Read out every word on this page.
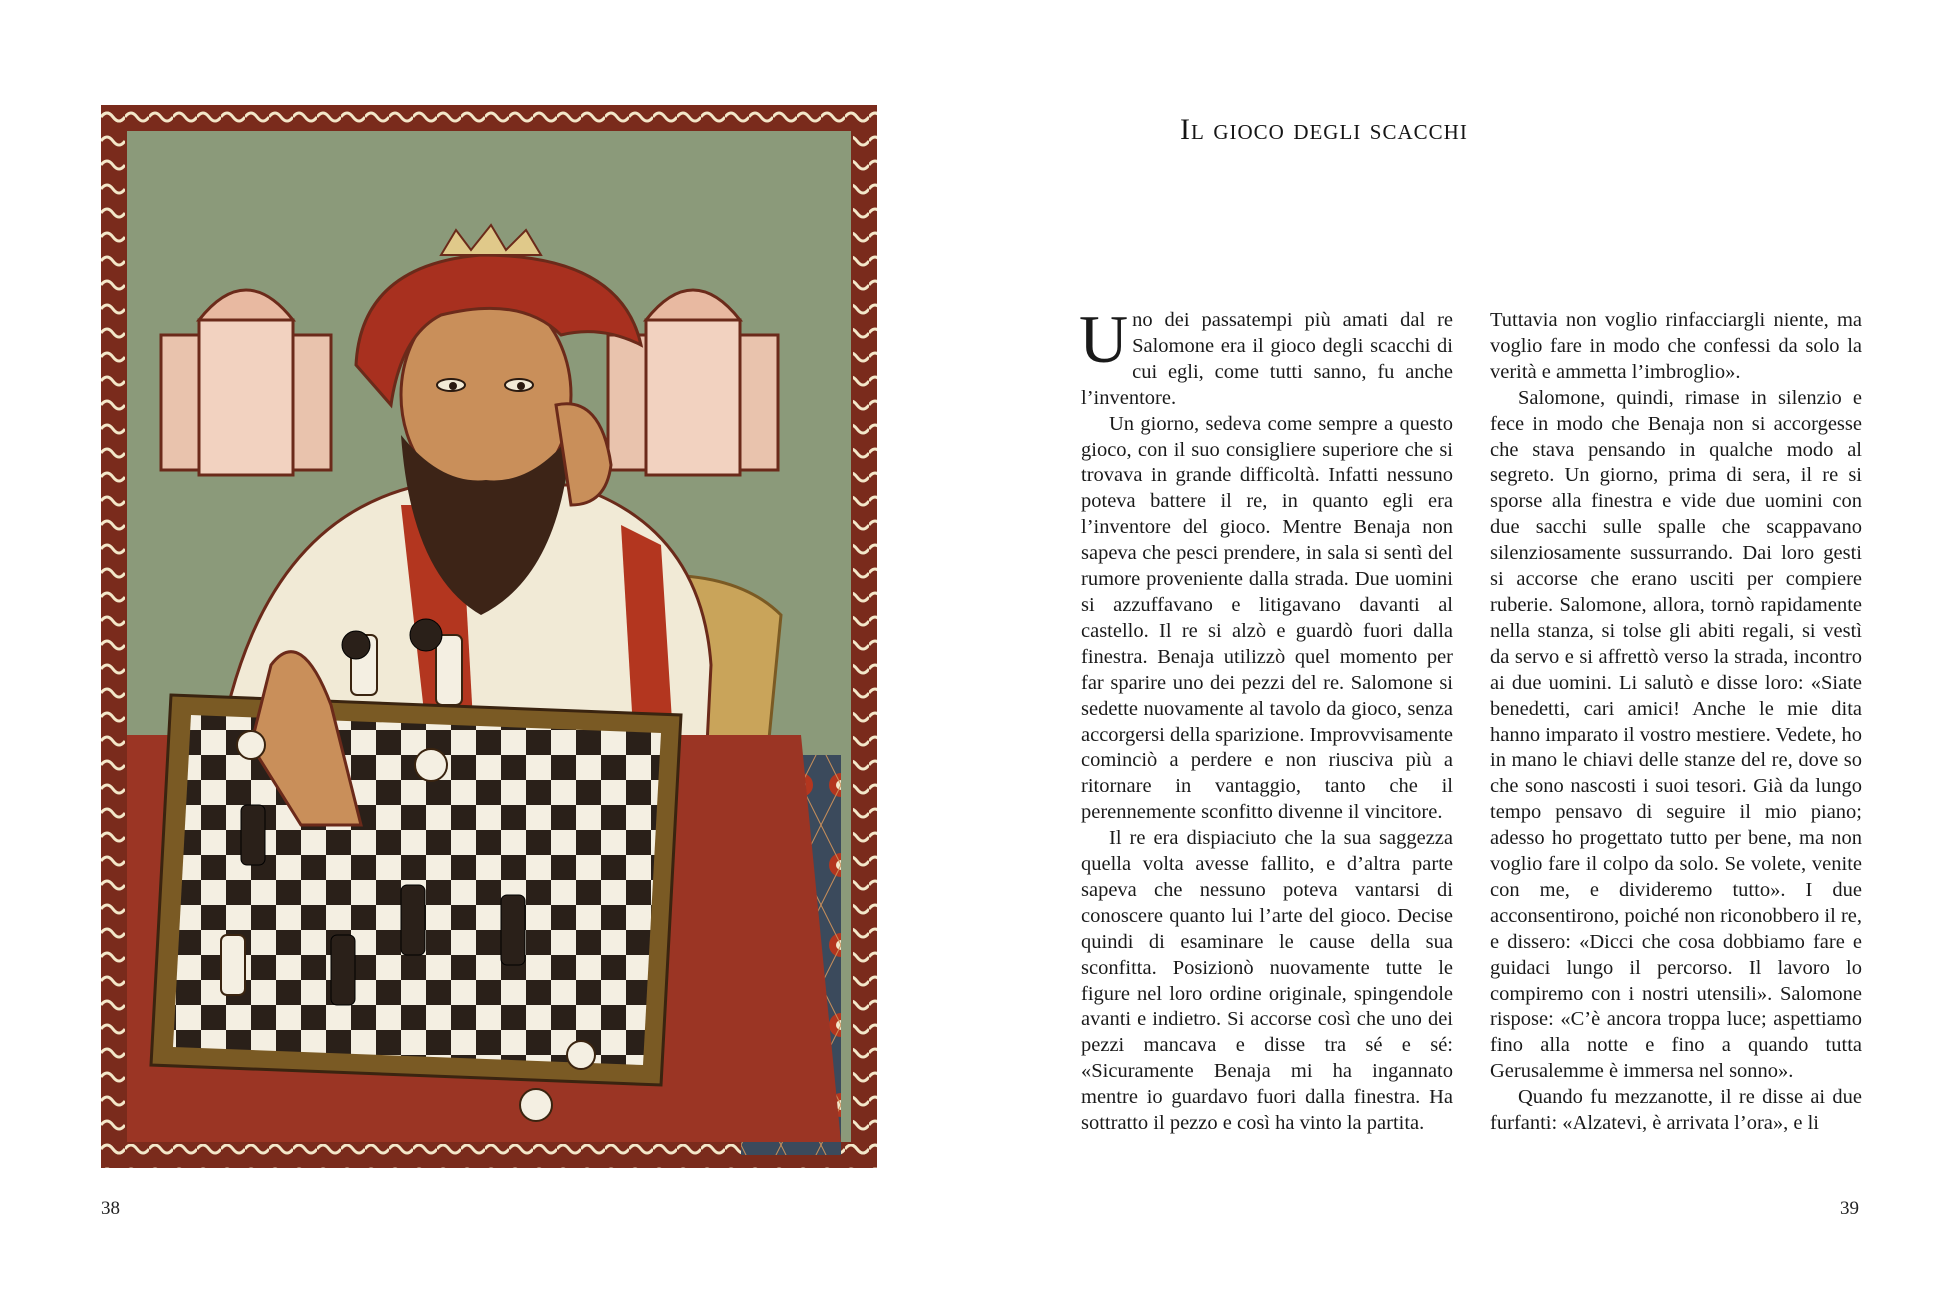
38
Il gioco degli scacchi

Uno dei passatempi più amati dal re Salomone era il gioco degli scacchi di cui egli, come tutti sanno, fu anche l’inventore.

Un giorno, sedeva come sempre a questo gioco, con il suo consigliere superiore che si trovava in grande difficoltà. Infatti nessuno poteva battere il re, in quanto egli era l’inventore del gioco. Mentre Benaja non sapeva che pesci prendere, in sala si sentì del rumore proveniente dalla strada. Due uomini si azzuffavano e litigavano davanti al castello. Il re si alzò e guardò fuori dalla finestra. Benaja utilizzò quel momento per far sparire uno dei pezzi del re. Salomone si sedette nuovamente al tavolo da gioco, senza accorgersi della sparizione. Improvvisamente cominciò a perdere e non riusciva più a ritornare in vantaggio, tanto che il perennemente sconfitto divenne il vincitore.

Il re era dispiaciuto che la sua saggezza quella volta avesse fallito, e d’altra parte sapeva che nessuno poteva vantarsi di conoscere quanto lui l’arte del gioco. Decise quindi di esaminare le cause della sua sconfitta. Posizionò nuovamente tutte le figure nel loro ordine originale, spingendole avanti e indietro. Si accorse così che uno dei pezzi mancava e disse tra sé e sé: «Sicuramente Benaja mi ha ingannato mentre io guardavo fuori dalla finestra. Ha sottratto il pezzo e così ha vinto la partita.

Tuttavia non voglio rinfacciargli niente, ma voglio fare in modo che confessi da solo la verità e ammetta l’imbroglio».

Salomone, quindi, rimase in silenzio e fece in modo che Benaja non si accorgesse che stava pensando in qualche modo al segreto. Un giorno, prima di sera, il re si sporse alla finestra e vide due uomini con due sacchi sulle spalle che scappavano silenziosamente sussurrando. Dai loro gesti si accorse che erano usciti per compiere ruberie. Salomone, allora, tornò rapidamente nella stanza, si tolse gli abiti regali, si vestì da servo e si affrettò verso la strada, incontro ai due uomini. Li salutò e disse loro: «Siate benedetti, cari amici! Anche le mie dita hanno imparato il vostro mestiere. Vedete, ho in mano le chiavi delle stanze del re, dove so che sono nascosti i suoi tesori. Già da lungo tempo pensavo di seguire il mio piano; adesso ho progettato tutto per bene, ma non voglio fare il colpo da solo. Se volete, venite con me, e divideremo tutto». I due acconsentirono, poiché non riconobbero il re, e dissero: «Dicci che cosa dobbiamo fare e guidaci lungo il percorso. Il lavoro lo compiremo con i nostri utensili». Salomone rispose: «C’è ancora troppa luce; aspettiamo fino alla notte e fino a quando tutta Gerusalemme è immersa nel sonno».

Quando fu mezzanotte, il re disse ai due furfanti: «Alzatevi, è arrivata l’ora», e li

39
